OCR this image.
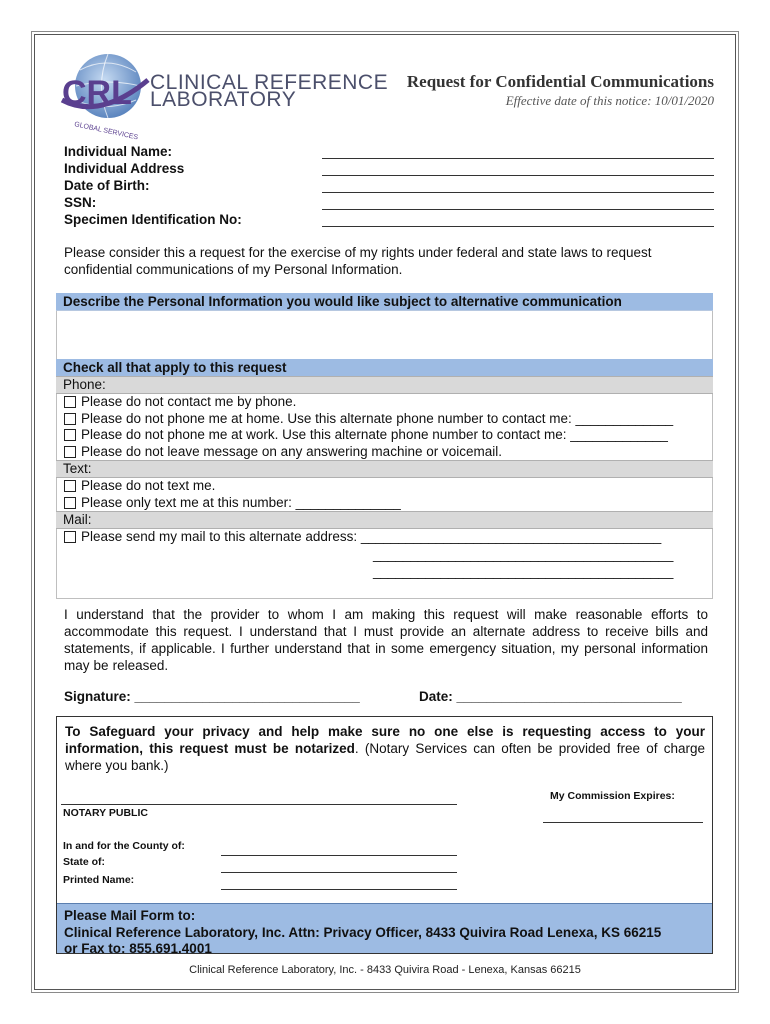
CRL
GLOBAL SERVICES
CLINICAL REFERENCE
LABORATORY
Request for Confidential Communications
Effective date of this notice: 10/01/2020
Individual Name:
Individual Address
Date of Birth:
SSN:
Specimen Identification No:
Please consider this a request for the exercise of my rights under federal and state laws to request confidential communications of my Personal Information.
Describe the Personal Information you would like subject to alternative communication
Check all that apply to this request
Phone:
Please do not contact me by phone.
Please do not phone me at home. Use this alternate phone number to contact me: _____________
Please do not phone me at work. Use this alternate phone number to contact me: _____________
Please do not leave message on any answering machine or voicemail.
Text:
Please do not text me.
Please only text me at this number: ______________
Mail:
Please send my mail to this alternate address: ________________________________________
________________________________________
________________________________________
I understand that the provider to whom I am making this request will make reasonable efforts to accommodate this request. I understand that I must provide an alternate address to receive bills and statements, if applicable. I further understand that in some emergency situation, my personal information may be released.
Signature: ______________________________	Date: ______________________________
To Safeguard your privacy and help make sure no one else is requesting access to your information, this request must be notarized. (Notary Services can often be provided free of charge where you bank.)
My Commission Expires:
NOTARY PUBLIC
In and for the County of:
State of:
Printed Name:
Please Mail Form to:
Clinical Reference Laboratory, Inc. Attn: Privacy Officer, 8433 Quivira Road Lenexa, KS 66215
or Fax to: 855.691.4001
Clinical Reference Laboratory, Inc. - 8433 Quivira Road - Lenexa, Kansas 66215
